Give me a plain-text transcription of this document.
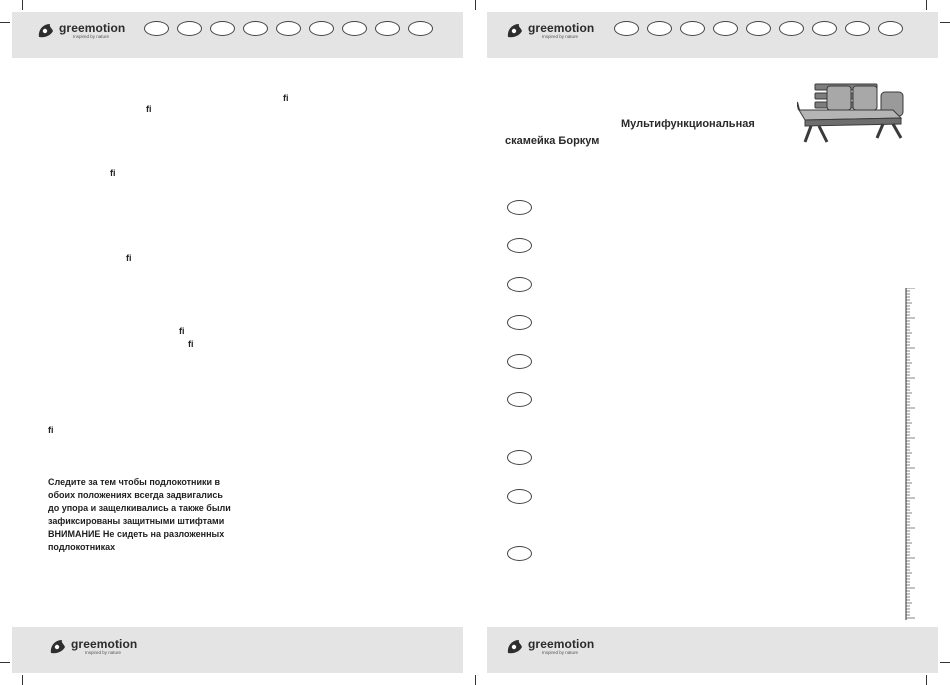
greemotion
Inspired by nature
ﬁ
ﬁ
ﬁ
ﬁ
ﬁ
ﬁ
ﬁ
Следите за тем чтобы подлокотники в
обоих положениях всегда задвигались
до упора и защелкивались а также были
зафиксированы защитными штифтами
ВНИМАНИЕ Не сидеть на разложенных
подлокотниках
greemotion
Inspired by nature
greemotion
Inspired by nature
Мультифункциональная
скамейка Боркум
greemotion
Inspired by nature
